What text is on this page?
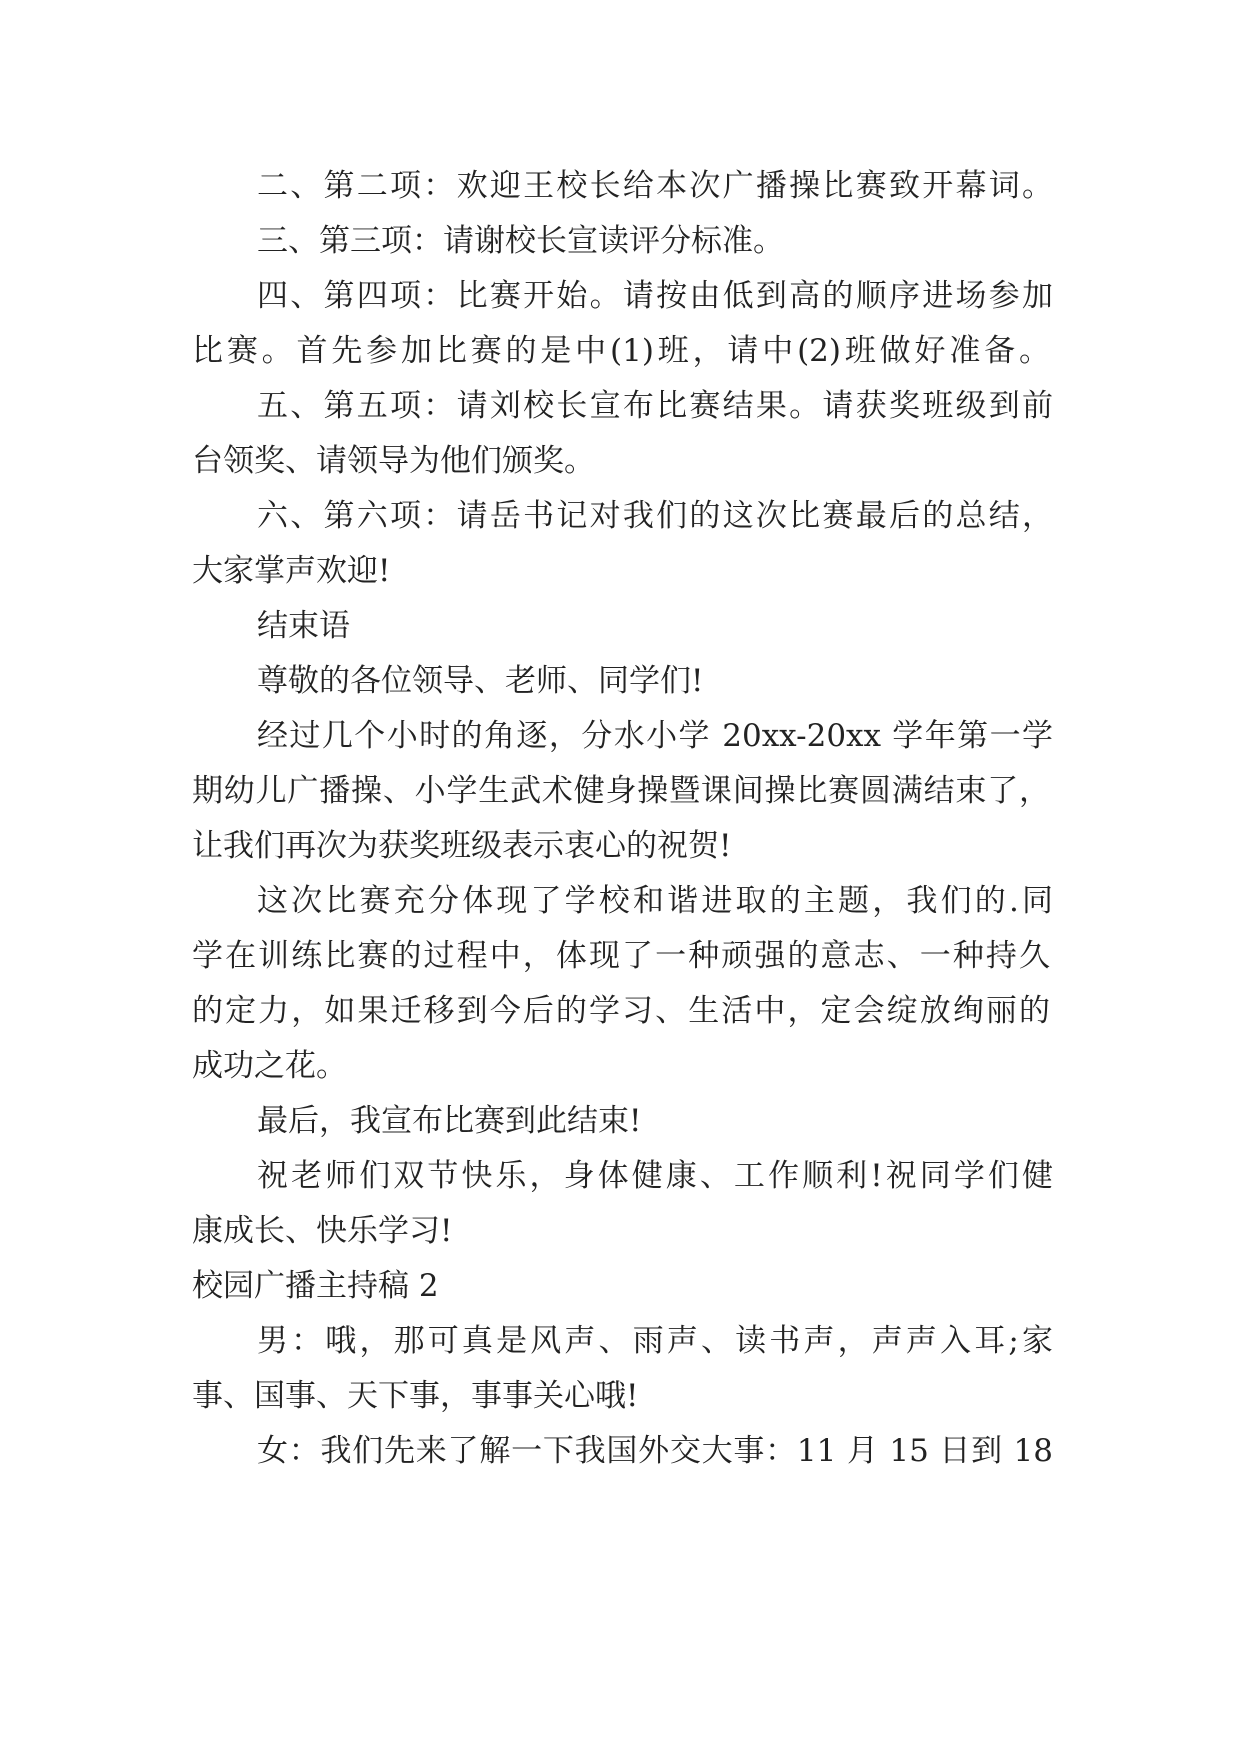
二、第二项：欢迎王校长给本次广播操比赛致开幕词。

三、第三项：请谢校长宣读评分标准。

四、第四项：比赛开始。请按由低到高的顺序进场参加

比赛。首先参加比赛的是中(1)班，请中(2)班做好准备。

五、第五项：请刘校长宣布比赛结果。请获奖班级到前

台领奖、请领导为他们颁奖。

六、第六项：请岳书记对我们的这次比赛最后的总结，

大家掌声欢迎!

结束语

尊敬的各位领导、老师、同学们!

经过几个小时的角逐，分水小学 20xx-20xx 学年第一学

期幼儿广播操、小学生武术健身操暨课间操比赛圆满结束了，

让我们再次为获奖班级表示衷心的祝贺!

这次比赛充分体现了学校和谐进取的主题，我们的.同

学在训练比赛的过程中，体现了一种顽强的意志、一种持久

的定力，如果迁移到今后的学习、生活中，定会绽放绚丽的

成功之花。

最后，我宣布比赛到此结束!

祝老师们双节快乐，身体健康、工作顺利!祝同学们健

康成长、快乐学习!

校园广播主持稿 2

男：哦，那可真是风声、雨声、读书声，声声入耳;家

事、国事、天下事，事事关心哦!

女：我们先来了解一下我国外交大事：11 月 15 日到 18
